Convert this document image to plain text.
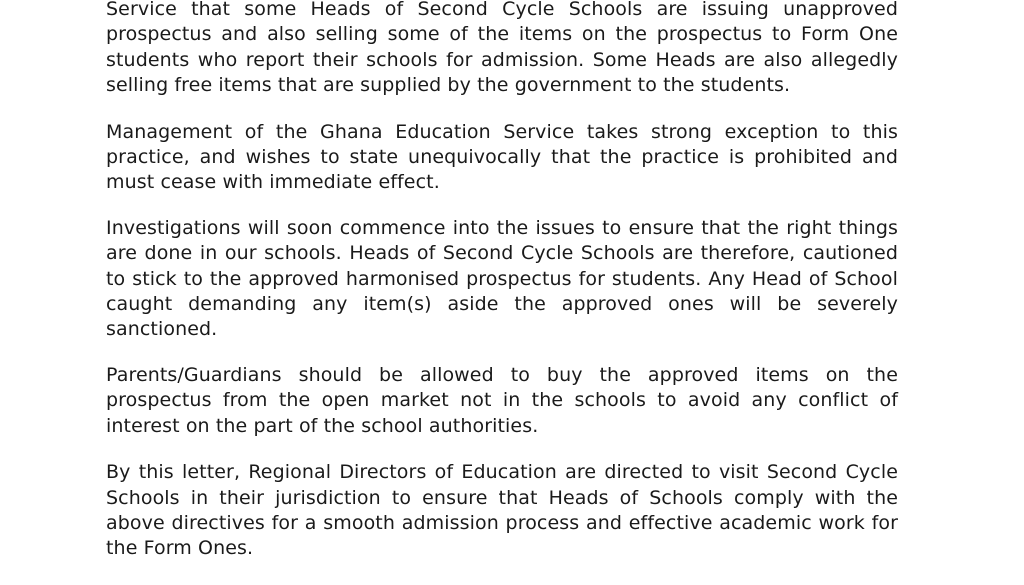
Service that some Heads of Second Cycle Schools are issuing unapproved prospectus and also selling some of the items on the prospectus to Form One students who report their schools for admission. Some Heads are also allegedly selling free items that are supplied by the government to the students.

Management of the Ghana Education Service takes strong exception to this practice, and wishes to state unequivocally that the practice is prohibited and must cease with immediate effect.

Investigations will soon commence into the issues to ensure that the right things are done in our schools. Heads of Second Cycle Schools are therefore, cautioned to stick to the approved harmonised prospectus for students. Any Head of School caught demanding any item(s) aside the approved ones will be severely sanctioned.

Parents/Guardians should be allowed to buy the approved items on the prospectus from the open market not in the schools to avoid any conflict of interest on the part of the school authorities.

By this letter, Regional Directors of Education are directed to visit Second Cycle Schools in their jurisdiction to ensure that Heads of Schools comply with the above directives for a smooth admission process and effective academic work for the Form Ones.
